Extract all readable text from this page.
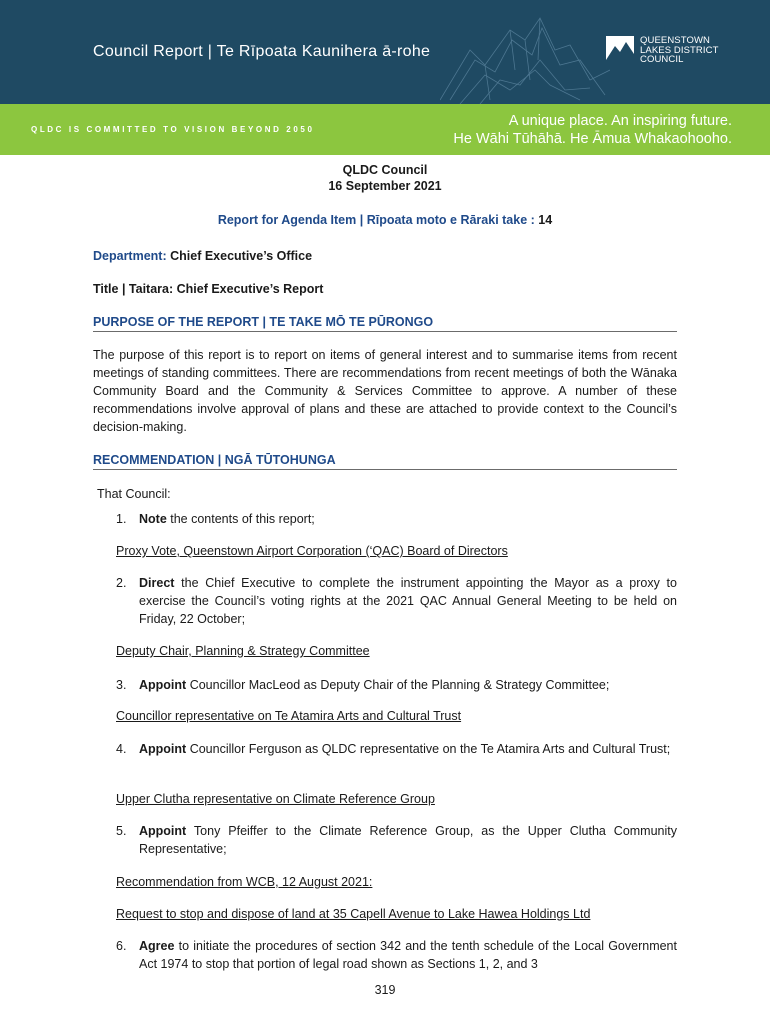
Council Report | Te Rīpoata Kaunihera ā-rohe
QUEENSTOWN
LAKES DISTRICT
COUNCIL
QLDC IS COMMITTED TO VISION BEYOND 2050
A unique place. An inspiring future.
He Wāhi Tūhāhā. He Āmua Whakaohooho.
QLDC Council
16 September 2021
Report for Agenda Item | Rīpoata moto e Rāraki take : 14
Department: Chief Executive’s Office
Title | Taitara: Chief Executive’s Report
PURPOSE OF THE REPORT | TE TAKE MŌ TE PŪRONGO
The purpose of this report is to report on items of general interest and to summarise items from recent meetings of standing committees. There are recommendations from recent meetings of both the Wānaka Community Board and the Community & Services Committee to approve. A number of these recommendations involve approval of plans and these are attached to provide context to the Council’s decision-making.
RECOMMENDATION | NGĀ TŪTOHUNGA
That Council:
1. Note the contents of this report;
Proxy Vote, Queenstown Airport Corporation (‘QAC) Board of Directors
2. Direct the Chief Executive to complete the instrument appointing the Mayor as a proxy to exercise the Council’s voting rights at the 2021 QAC Annual General Meeting to be held on Friday, 22 October;
Deputy Chair, Planning & Strategy Committee
3. Appoint Councillor MacLeod as Deputy Chair of the Planning & Strategy Committee;
Councillor representative on Te Atamira Arts and Cultural Trust
4. Appoint Councillor Ferguson as QLDC representative on the Te Atamira Arts and Cultural Trust;
Upper Clutha representative on Climate Reference Group
5. Appoint Tony Pfeiffer to the Climate Reference Group, as the Upper Clutha Community Representative;
Recommendation from WCB, 12 August 2021:
Request to stop and dispose of land at 35 Capell Avenue to Lake Hawea Holdings Ltd
6. Agree to initiate the procedures of section 342 and the tenth schedule of the Local Government Act 1974 to stop that portion of legal road shown as Sections 1, 2, and 3
319
